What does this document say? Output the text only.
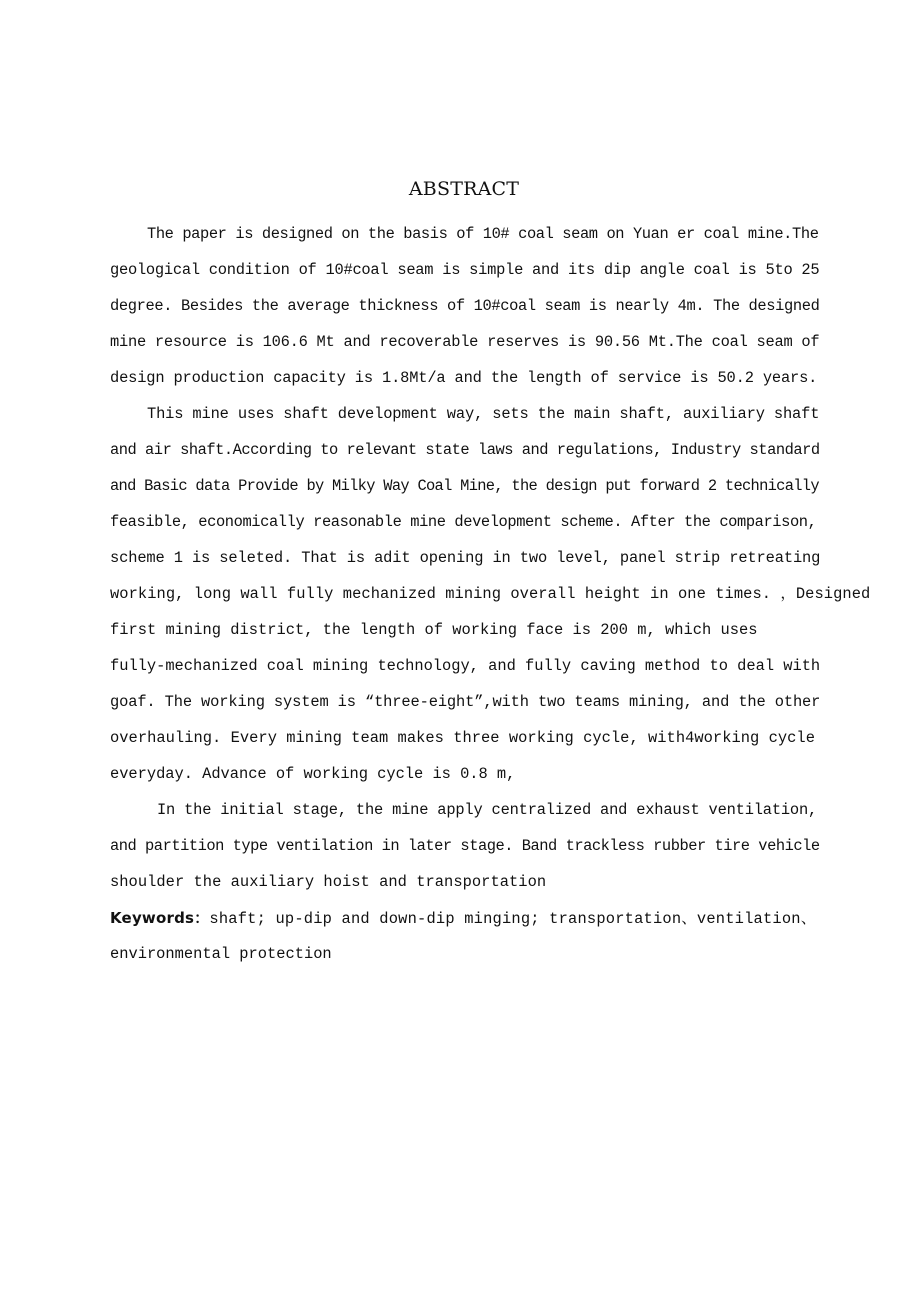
ABSTRACT
The paper is designed on the basis of 10# coal seam on Yuan er coal mine.The
geological condition of 10#coal seam is simple and its dip angle coal is 5to 25
degree. Besides the average thickness of 10#coal seam is nearly 4m. The designed
mine resource is 106.6 Mt and recoverable reserves is 90.56 Mt.The coal seam of
design production capacity is 1.8Mt/a and the length of service is 50.2 years.
This mine uses shaft development way, sets the main shaft, auxiliary shaft
and air shaft.According to relevant state laws and regulations, Industry standard
and Basic data Provide by Milky Way Coal Mine, the design put forward 2 technically
feasible, economically reasonable mine development scheme. After the comparison,
scheme 1 is seleted. That is adit opening in two level, panel strip retreating
working, long wall fully mechanized mining overall height in one times. ，Designed
first mining district, the length of working face is 200 m, which uses
fully-mechanized coal mining technology, and fully caving method to deal with
goaf. The working system is “three-eight”,with two teams mining, and the other
overhauling. Every mining team makes three working cycle, with4working cycle
everyday. Advance of working cycle is 0.8 m,
In the initial stage, the mine apply centralized and exhaust ventilation,
and partition type ventilation in later stage. Band trackless rubber tire vehicle
shoulder the auxiliary hoist and transportation
Keywords：shaft; up-dip and down-dip minging; transportation、ventilation、
environmental protection
